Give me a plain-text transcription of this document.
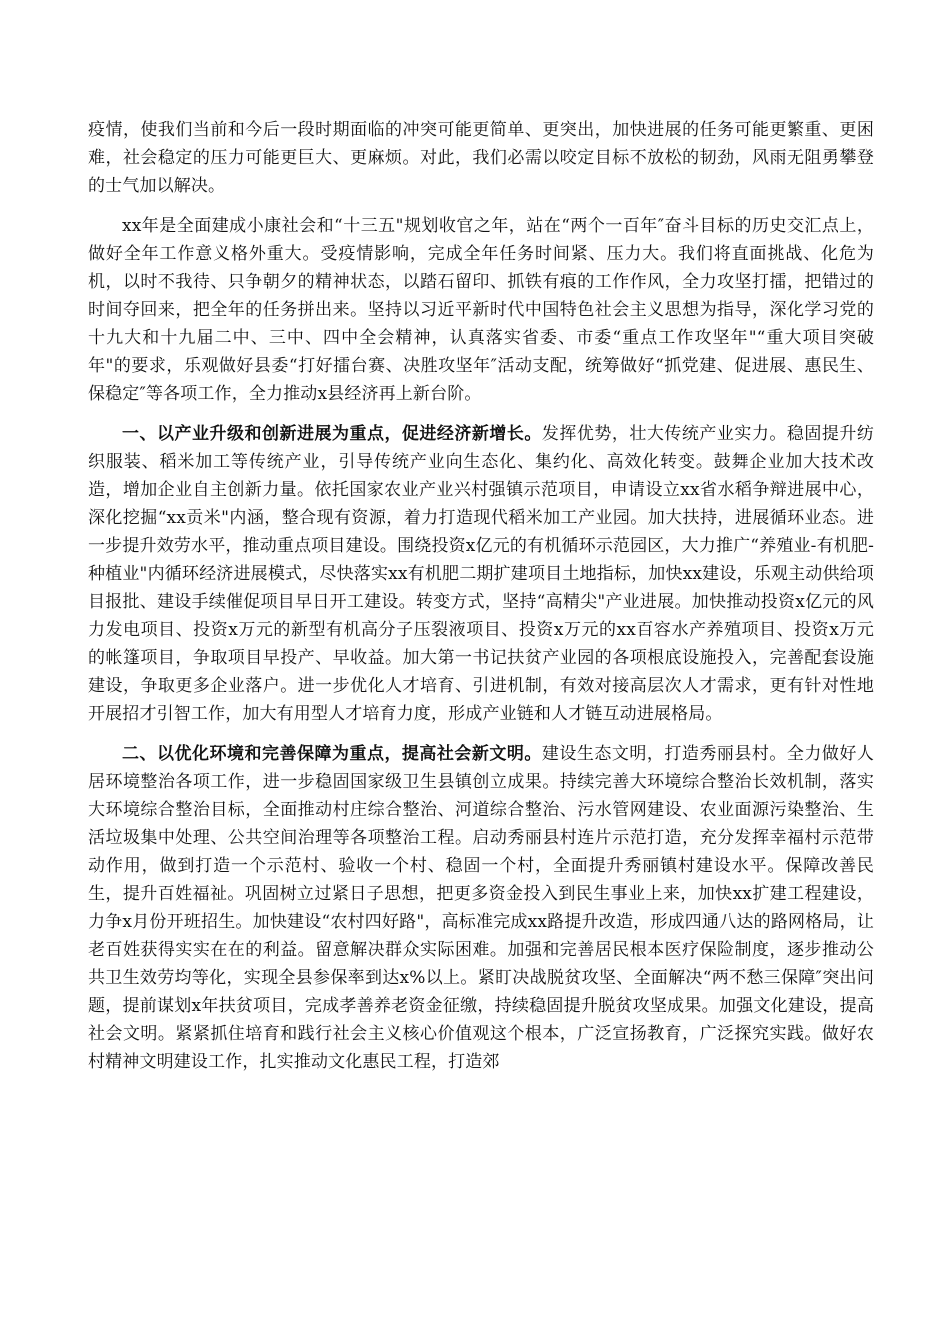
疫情，使我们当前和今后一段时期面临的冲突可能更简单、更突出，加快进展的任务可能更繁重、更困难，社会稳定的压力可能更巨大、更麻烦。对此，我们必需以咬定目标不放松的韧劲，风雨无阻勇攀登的士气加以解决。

xx年是全面建成小康社会和“十三五"规划收官之年，站在“两个一百年″奋斗目标的历史交汇点上，做好全年工作意义格外重大。受疫情影响，完成全年任务时间紧、压力大。我们将直面挑战、化危为机，以时不我待、只争朝夕的精神状态，以踏石留印、抓铁有痕的工作作风，全力攻坚打擂，把错过的时间夺回来，把全年的任务拼出来。坚持以习近平新时代中国特色社会主义思想为指导，深化学习党的十九大和十九届二中、三中、四中全会精神，认真落实省委、市委“重点工作攻坚年"“重大项目突破年"的要求，乐观做好县委“打好擂台赛、决胜攻坚年″活动支配，统筹做好“抓党建、促进展、惠民生、保稳定″等各项工作，全力推动x县经济再上新台阶。

一、以产业升级和创新进展为重点，促进经济新增长。发挥优势，壮大传统产业实力。稳固提升纺织服装、稻米加工等传统产业，引导传统产业向生态化、集约化、高效化转变。鼓舞企业加大技术改造，增加企业自主创新力量。依托国家农业产业兴村强镇示范项目，申请设立xx省水稻争辩进展中心，深化挖掘“xx贡米"内涵，整合现有资源，着力打造现代稻米加工产业园。加大扶持，进展循环业态。进一步提升效劳水平，推动重点项目建设。围绕投资x亿元的有机循环示范园区，大力推广“养殖业-有机肥-种植业"内循环经济进展模式，尽快落实xx有机肥二期扩建项目土地指标，加快xx建设，乐观主动供给项目报批、建设手续催促项目早日开工建设。转变方式，坚持“高精尖"产业进展。加快推动投资x亿元的风力发电项目、投资x万元的新型有机高分子压裂液项目、投资x万元的xx百容水产养殖项目、投资x万元的帐篷项目，争取项目早投产、早收益。加大第一书记扶贫产业园的各项根底设施投入，完善配套设施建设，争取更多企业落户。进一步优化人才培育、引进机制，有效对接高层次人才需求，更有针对性地开展招才引智工作，加大有用型人才培育力度，形成产业链和人才链互动进展格局。

二、以优化环境和完善保障为重点，提高社会新文明。建设生态文明，打造秀丽县村。全力做好人居环境整治各项工作，进一步稳固国家级卫生县镇创立成果。持续完善大环境综合整治长效机制，落实大环境综合整治目标，全面推动村庄综合整治、河道综合整治、污水管网建设、农业面源污染整治、生活垃圾集中处理、公共空间治理等各项整治工程。启动秀丽县村连片示范打造，充分发挥幸福村示范带动作用，做到打造一个示范村、验收一个村、稳固一个村，全面提升秀丽镇村建设水平。保障改善民生，提升百姓福祉。巩固树立过紧日子思想，把更多资金投入到民生事业上来，加快xx扩建工程建设，力争x月份开班招生。加快建设“农村四好路"，高标准完成xx路提升改造，形成四通八达的路网格局，让老百姓获得实实在在的利益。留意解决群众实际困难。加强和完善居民根本医疗保险制度，逐步推动公共卫生效劳均等化，实现全县参保率到达x%以上。紧盯决战脱贫攻坚、全面解决“两不愁三保障″突出问题，提前谋划x年扶贫项目，完成孝善养老资金征缴，持续稳固提升脱贫攻坚成果。加强文化建设，提高社会文明。紧紧抓住培育和践行社会主义核心价值观这个根本，广泛宣扬教育，广泛探究实践。做好农村精神文明建设工作，扎实推动文化惠民工程，打造郊
